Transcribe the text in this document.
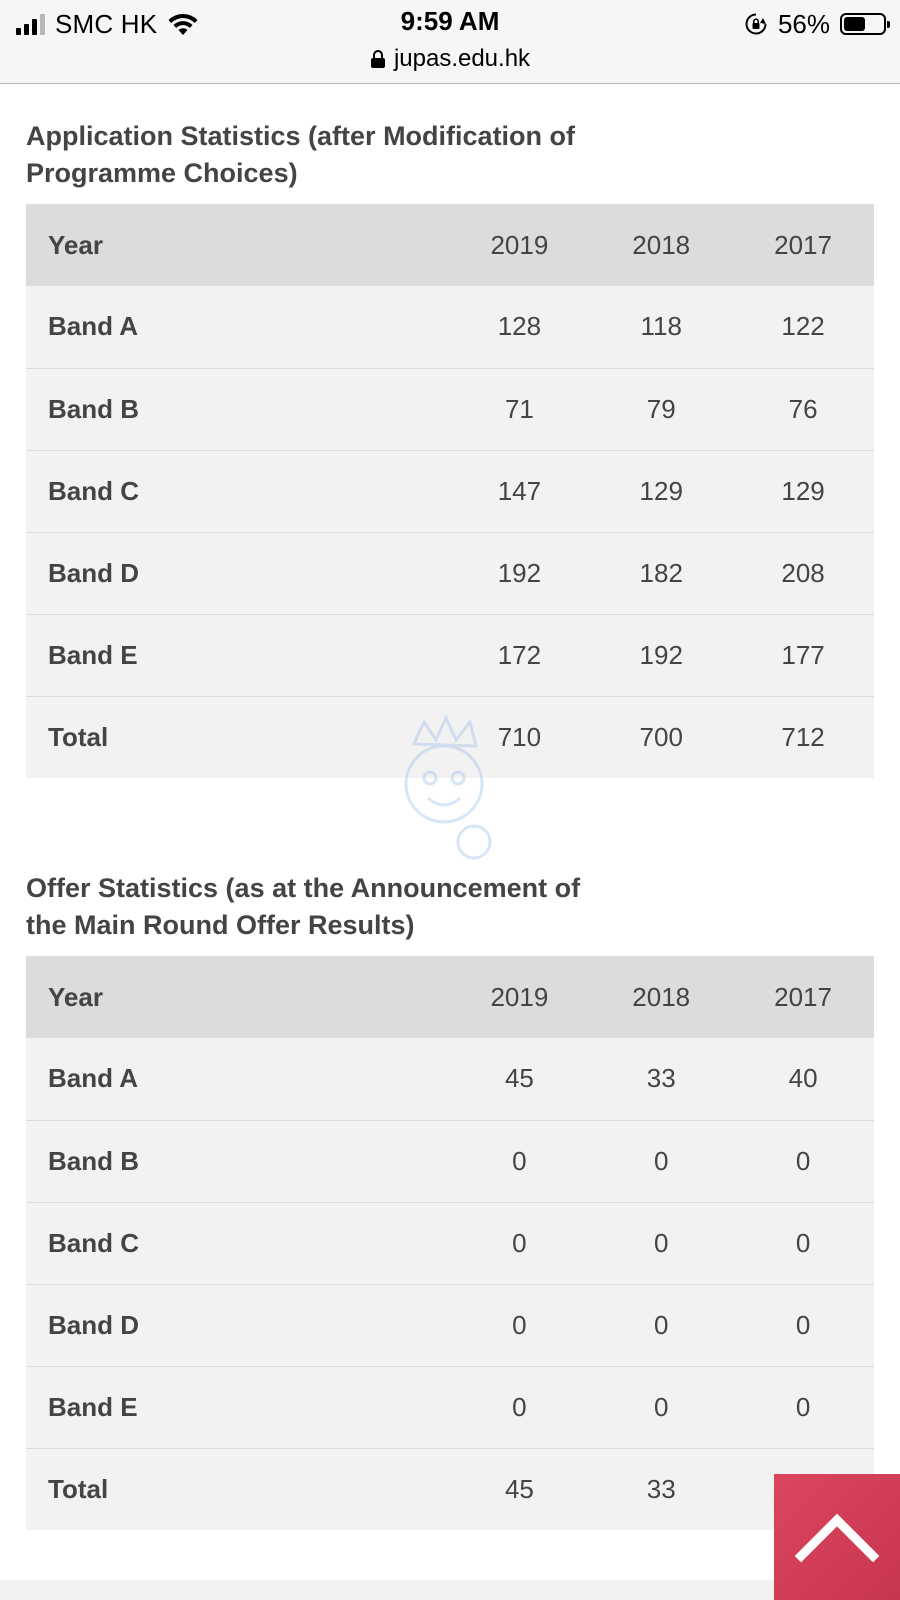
SMC HK	9:59 AM	56%
jupas.edu.hk
Application Statistics (after Modification of Programme Choices)
Year	2019	2018	2017
Band A	128	118	122
Band B	71	79	76
Band C	147	129	129
Band D	192	182	208
Band E	172	192	177
Total	710	700	712
Offer Statistics (as at the Announcement of the Main Round Offer Results)
Year	2019	2018	2017
Band A	45	33	40
Band B	0	0	0
Band C	0	0	0
Band D	0	0	0
Band E	0	0	0
Total	45	33	
